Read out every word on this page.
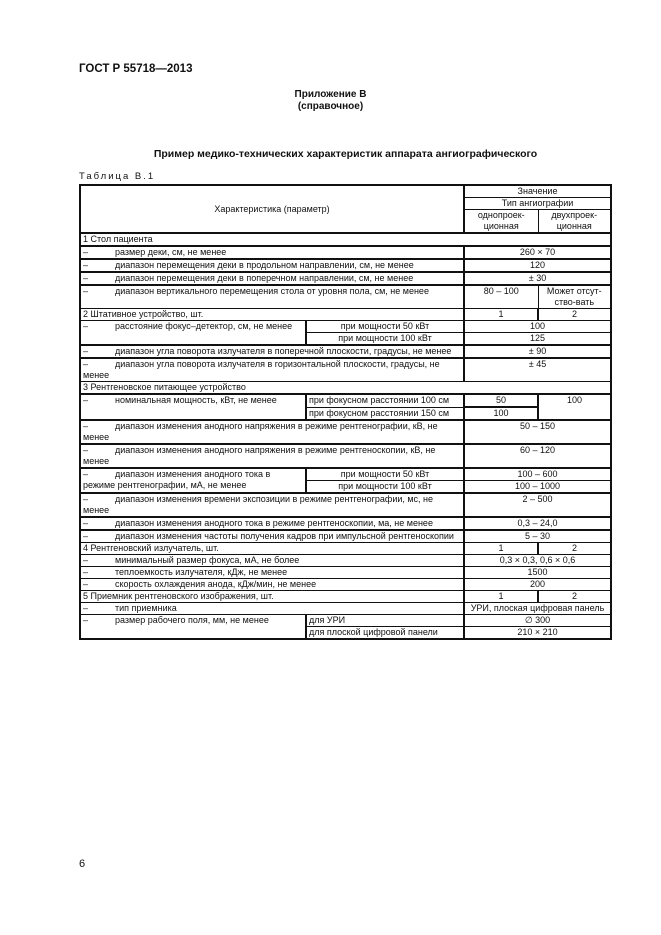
ГОСТ Р 55718—2013
Приложение В
(справочное)
Пример медико-технических характеристик аппарата ангиографического
Таблица В.1
Характеристика (параметр)		Значение	
		Тип ангиографии	
		однопроек-ционная	двухпроек-ционная
1 Стол пациента			
– размер деки, см, не менее		260 × 70	
– диапазон перемещения деки в продольном направлении, см, не менее		120	
– диапазон перемещения деки в поперечном направлении, см, не менее		± 30	
– диапазон вертикального перемещения стола от уровня пола, см, не менее		80 – 100	Может отсут-ство-вать
2 Штативное устройство, шт.		1	2
– расстояние фокус–детектор, см, не менее	при мощности 50 кВт	100	
	при мощности 100 кВт	125	
– диапазон угла поворота излучателя в поперечной плоскости, градусы, не менее		± 90	
– диапазон угла поворота излучателя в горизонтальной плоскости, градусы, не менее		± 45	
3 Рентгеновское питающее устройство			
– номинальная мощность, кВт, не менее	при фокусном расстоянии 100 см	50	100
	при фокусном расстоянии 150 см	100	
– диапазон изменения анодного напряжения в режиме рентгенографии, кВ, не менее		50 – 150	
– диапазон изменения анодного напряжения в режиме рентгеноскопии, кВ, не менее		60 – 120	
– диапазон изменения анодного тока в режиме рентгенографии, мА, не менее	при мощности 50 кВт	100 – 600	
	при мощности 100 кВт	100 – 1000	
– диапазон изменения времени экспозиции в режиме рентгенографии, мс, не менее		2 – 500	
– диапазон изменения анодного тока в режиме рентгеноскопии, ма, не менее		0,3 – 24,0	
– диапазон изменения частоты получения кадров при импульсной рентгеноскопии		5 – 30	
4 Рентгеновский излучатель, шт.		1	2
– минимальный размер фокуса, мА, не более		0,3 × 0,3, 0,6 × 0,6	
– теплоемкость излучателя, кДж, не менее		1500	
– скорость охлаждения анода, кДж/мин, не менее		200	
5 Приемник рентгеновского изображения, шт.		1	2
– тип приемника		УРИ, плоская цифровая панель	
– размер рабочего поля, мм, не менее	для УРИ	∅ 300	
	для плоской цифровой панели	210 × 210	
6
